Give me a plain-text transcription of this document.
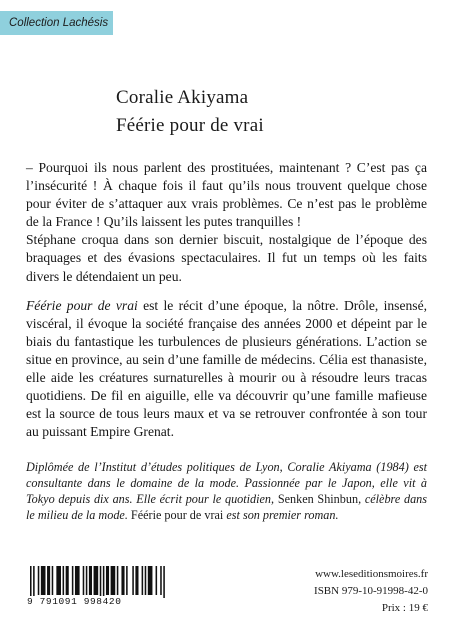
Collection Lachésis
Coralie Akiyama
Féérie pour de vrai

– Pourquoi ils nous parlent des prostituées, maintenant ? C’est pas ça l’insécurité ! À chaque fois il faut qu’ils nous trouvent quelque chose pour éviter de s’attaquer aux vrais problèmes. Ce n’est pas le problème de la France ! Qu’ils laissent les putes tranquilles !

Stéphane croqua dans son dernier biscuit, nostalgique de l’époque des braquages et des évasions spectaculaires. Il fut un temps où les faits divers le détendaient un peu.

Féérie pour de vrai est le récit d’une époque, la nôtre. Drôle, insensé, viscéral, il évoque la société française des années 2000 et dépeint par le biais du fantastique les turbulences de plusieurs générations. L’action se situe en province, au sein d’une famille de médecins. Célia est thanasiste, elle aide les créatures surnaturelles à mourir ou à résoudre leurs tracas quotidiens. De fil en aiguille, elle va découvrir qu’une famille mafieuse est la source de tous leurs maux et va se retrouver confrontée à son tour au puissant Empire Grenat.

Diplômée de l’Institut d’études politiques de Lyon, Coralie Akiyama (1984) est consultante dans le domaine de la mode. Passionnée par le Japon, elle vit à Tokyo depuis dix ans. Elle écrit pour le quotidien, Senken Shinbun, célèbre dans le milieu de la mode. Féérie pour de vrai est son premier roman.
9 791091 998420
www.leseditionsmoires.fr
ISBN 979-10-91998-42-0
Prix : 19 €
